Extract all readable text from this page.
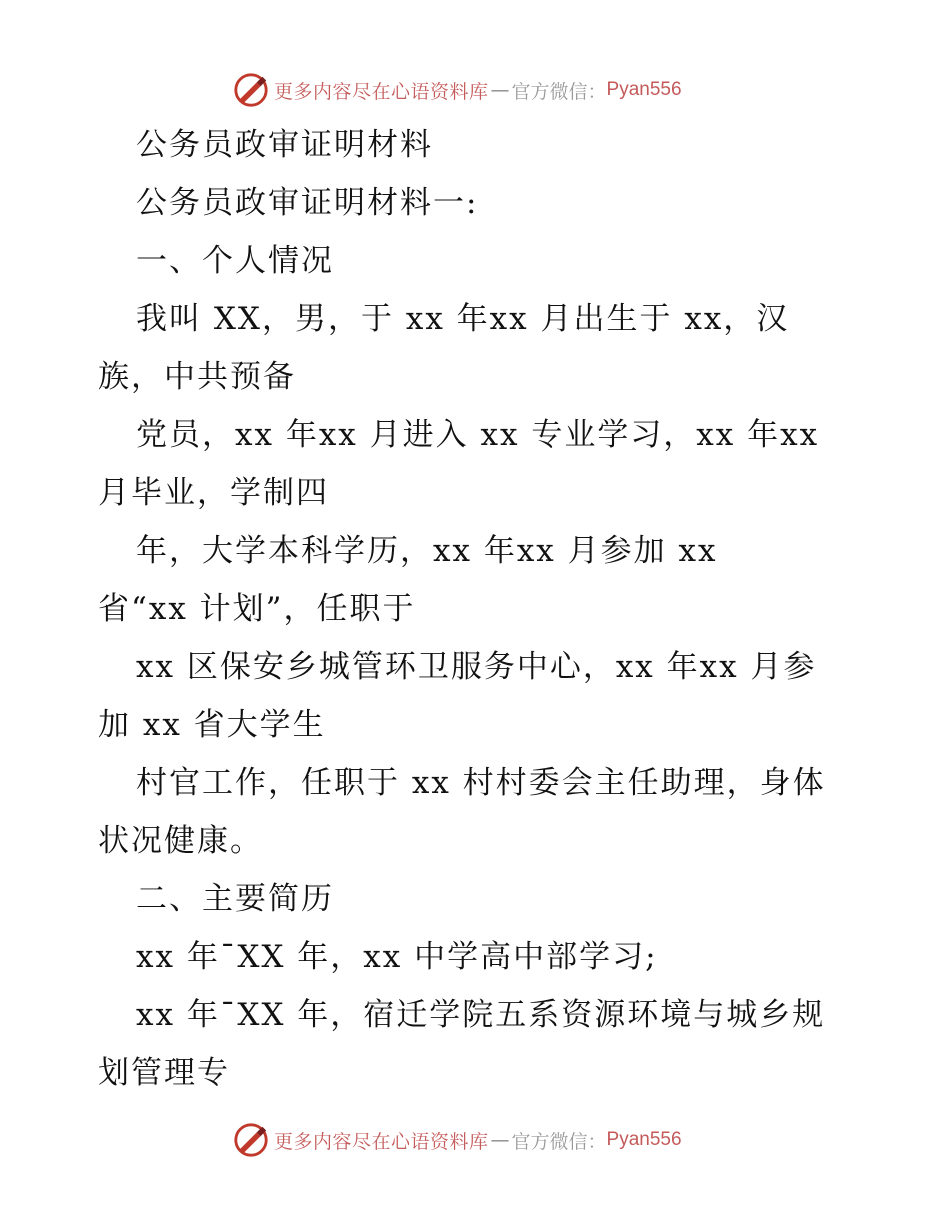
更多内容尽在心语资料库 — 官方微信： Pyan556
公务员政审证明材料
公务员政审证明材料一:
一、个人情况
我叫 XX，男，于 xx 年xx 月出生于 xx，汉
族，中共预备
党员，xx 年xx 月进入 xx 专业学习，xx 年xx
月毕业，学制四
年，大学本科学历，xx 年xx 月参加 xx
省“xx 计划”，任职于
xx 区保安乡城管环卫服务中心，xx 年xx 月参
加 xx 省大学生
村官工作，任职于 xx 村村委会主任助理，身体
状况健康。
二、主要简历
xx 年¯XX 年，xx 中学高中部学习;
xx 年¯XX 年，宿迁学院五系资源环境与城乡规
划管理专
更多内容尽在心语资料库 — 官方微信： Pyan556
